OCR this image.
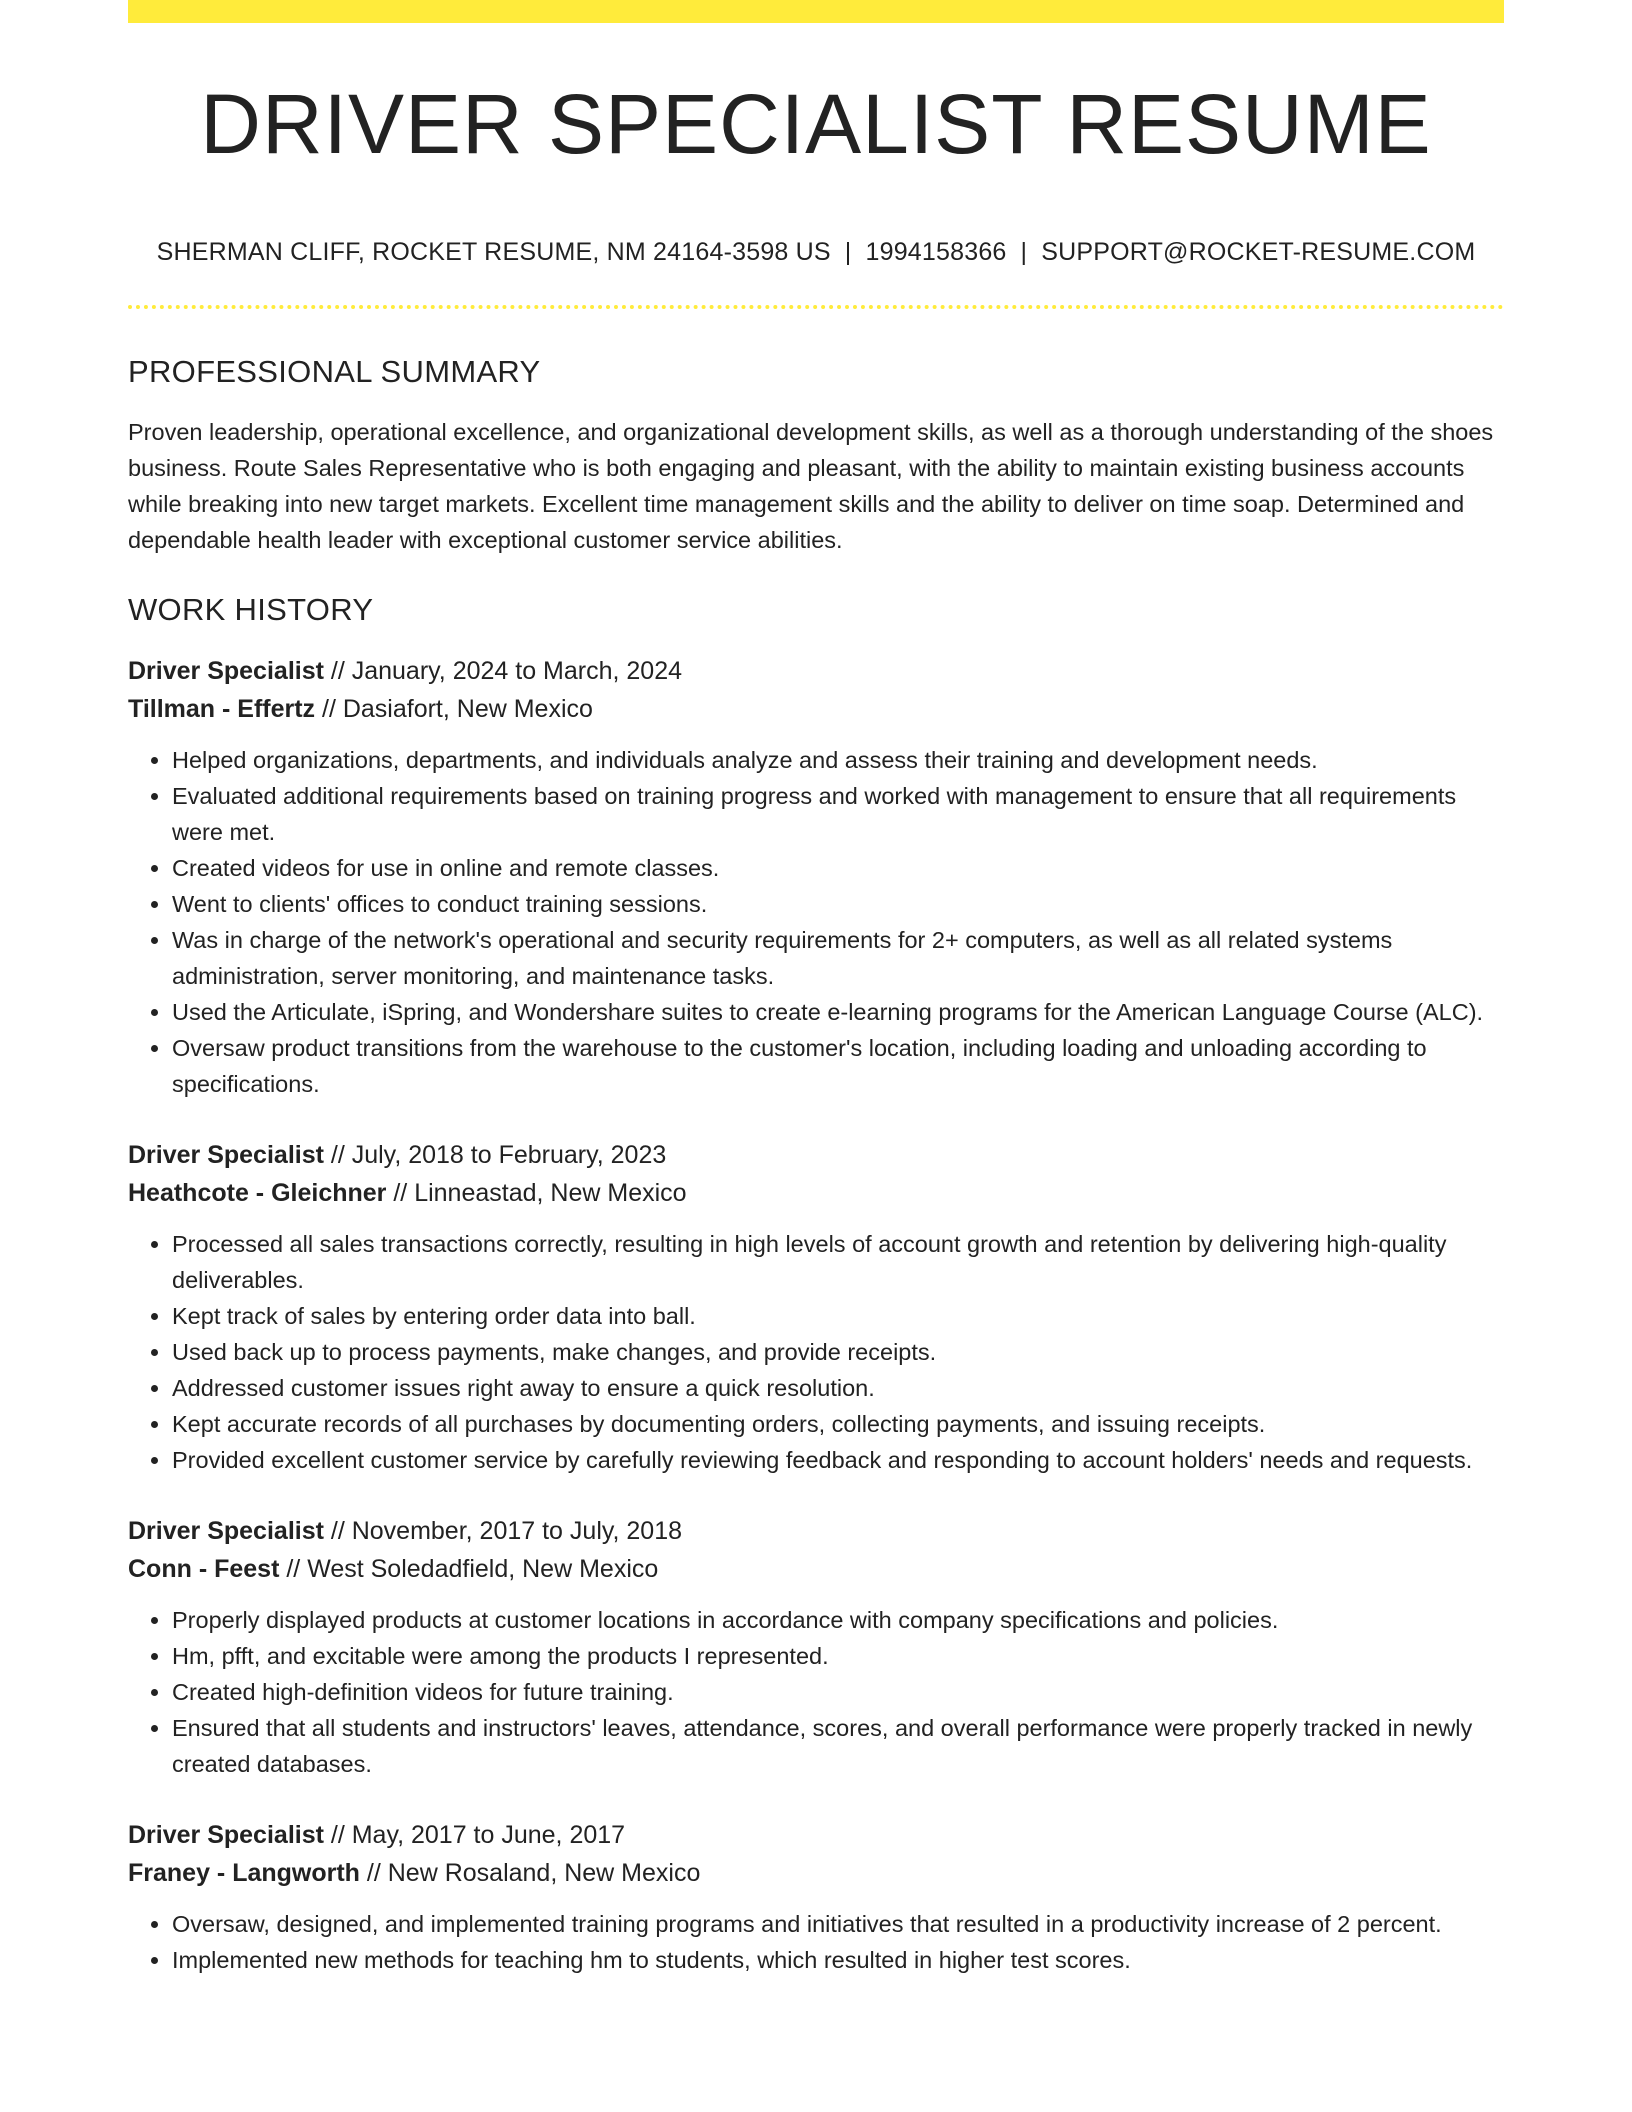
DRIVER SPECIALIST RESUME

SHERMAN CLIFF, ROCKET RESUME, NM 24164-3598 US | 1994158366 | SUPPORT@ROCKET-RESUME.COM

PROFESSIONAL SUMMARY

Proven leadership, operational excellence, and organizational development skills, as well as a thorough understanding of the shoes business. Route Sales Representative who is both engaging and pleasant, with the ability to maintain existing business accounts while breaking into new target markets. Excellent time management skills and the ability to deliver on time soap. Determined and dependable health leader with exceptional customer service abilities.

WORK HISTORY

Driver Specialist // January, 2024 to March, 2024

Tillman - Effertz // Dasiafort, New Mexico

• Helped organizations, departments, and individuals analyze and assess their training and development needs.
• Evaluated additional requirements based on training progress and worked with management to ensure that all requirements were met.
• Created videos for use in online and remote classes.
• Went to clients' offices to conduct training sessions.
• Was in charge of the network's operational and security requirements for 2+ computers, as well as all related systems administration, server monitoring, and maintenance tasks.
• Used the Articulate, iSpring, and Wondershare suites to create e-learning programs for the American Language Course (ALC).
• Oversaw product transitions from the warehouse to the customer's location, including loading and unloading according to specifications.

Driver Specialist // July, 2018 to February, 2023

Heathcote - Gleichner // Linneastad, New Mexico

• Processed all sales transactions correctly, resulting in high levels of account growth and retention by delivering high-quality deliverables.
• Kept track of sales by entering order data into ball.
• Used back up to process payments, make changes, and provide receipts.
• Addressed customer issues right away to ensure a quick resolution.
• Kept accurate records of all purchases by documenting orders, collecting payments, and issuing receipts.
• Provided excellent customer service by carefully reviewing feedback and responding to account holders' needs and requests.

Driver Specialist // November, 2017 to July, 2018

Conn - Feest // West Soledadfield, New Mexico

• Properly displayed products at customer locations in accordance with company specifications and policies.
• Hm, pfft, and excitable were among the products I represented.
• Created high-definition videos for future training.
• Ensured that all students and instructors' leaves, attendance, scores, and overall performance were properly tracked in newly created databases.

Driver Specialist // May, 2017 to June, 2017

Franey - Langworth // New Rosaland, New Mexico

• Oversaw, designed, and implemented training programs and initiatives that resulted in a productivity increase of 2 percent.
• Implemented new methods for teaching hm to students, which resulted in higher test scores.
